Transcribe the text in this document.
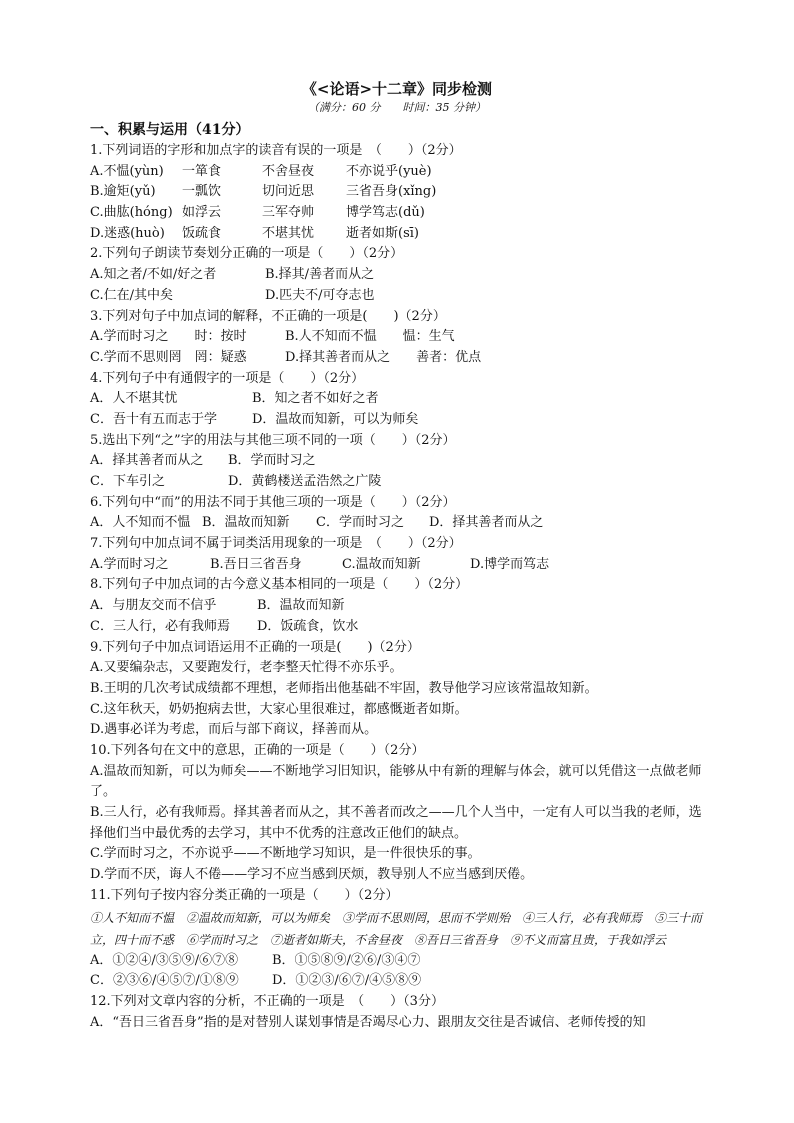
《<论语>十二章》同步检测
（满分：60 分　　时间：35 分钟）
一、积累与运用（41分）
1.下列词语的字形和加点字的读音有误的一项是　（　　）（2分）
A.不愠(yùn) 一箪食	不舍昼夜 不亦说乎(yuè)
B.逾矩(yǔ) 一瓢饮	切问近思 三省吾身(xǐng)
C.曲肱(hóng) 如浮云	三军夺帅 博学笃志(dǔ)
D.迷惑(huò) 饭疏食	不堪其忧 逝者如斯(sī)
2.下列句子朗读节奏划分正确的一项是（　　）（2分）
A.知之者/不如/好之者	B.择其/善者而从之
C.仁在/其中矣	D.匹夫不/可夺志也
3.下列对句子中加点词的解释，不正确的一项是(　　)（2分）
A.学而时习之　　时：按时	B.人不知而不愠　　愠：生气
C.学而不思则罔　罔：疑惑	D.择其善者而从之　　善者：优点
4.下列句子中有通假字的一项是（　　）（2分）
A．人不堪其忧	B．知之者不如好之者
C．吾十有五而志于学	D．温故而知新，可以为师矣
5.选出下列“之”字的用法与其他三项不同的一项（　　）（2分）
A．择其善者而从之 B．学而时习之
C．下车引之	D．黄鹤楼送孟浩然之广陵
6.下列句中“而”的用法不同于其他三项的一项是（　　）（2分）
A．人不知而不愠 B．温故而知新 C．学而时习之 D．择其善者而从之
7.下列句中加点词不属于词类活用现象的一项是　（　　）（2分）
A.学而时习之	B.吾日三省吾身	C.温故而知新	D.博学而笃志
8.下列句子中加点词的古今意义基本相同的一项是（　　）（2分）
A．与朋友交而不信乎	B．温故而知新
C．三人行，必有我师焉 D．饭疏食，饮水
9.下列句子中加点词语运用不正确的一项是(　　)（2分）
A.又要编杂志，又要跑发行，老李整天忙得不亦乐乎。
B.王明的几次考试成绩都不理想，老师指出他基础不牢固，教导他学习应该常温故知新。
C.这年秋天，奶奶抱病去世，大家心里很难过，都感慨逝者如斯。
D.遇事必详为考虑，而后与部下商议，择善而从。
10.下列各句在文中的意思，正确的一项是（　　）（2分）
A.温故而知新，可以为师矣——不断地学习旧知识，能够从中有新的理解与体会，就可以凭借这一点做老师了。
B.三人行，必有我师焉。择其善者而从之，其不善者而改之——几个人当中，一定有人可以当我的老师，选择他们当中最优秀的去学习，其中不优秀的注意改正他们的缺点。
C.学而时习之，不亦说乎——不断地学习知识，是一件很快乐的事。
D.学而不厌，诲人不倦——学习不应当感到厌烦，教导别人不应当感到厌倦。
11.下列句子按内容分类正确的一项是（　　）（2分）
①人不知而不愠　②温故而知新，可以为师矣　③学而不思则罔，思而不学则殆　④三人行，必有我师焉　⑤三十而立，四十而不惑　⑥学而时习之　⑦逝者如斯夫，不舍昼夜　⑧吾日三省吾身　⑨不义而富且贵，于我如浮云
A．①②④/③⑤⑨/⑥⑦⑧	B．①⑤⑧⑨/②⑥/③④⑦
C．②③⑥/④⑤⑦/①⑧⑨	D．①②③/⑥⑦/④⑤⑧⑨
12.下列对文章内容的分析，不正确的一项是　（　　）（3分）
A．“吾日三省吾身”指的是对替别人谋划事情是否竭尽心力、跟朋友交往是否诚信、老师传授的知
